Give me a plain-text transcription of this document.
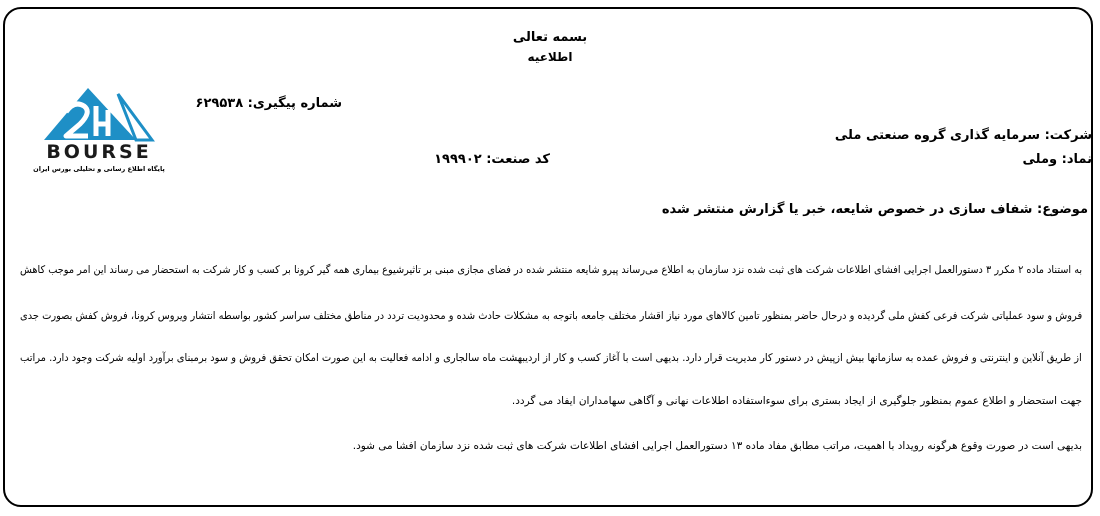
بسمه تعالی
اطلاعیه
BOURSE
پایگاه اطلاع رسانی و تحلیلی بورس ایران
شماره پیگیری: ۶۲۹۵۳۸
شرکت: سرمایه گذاری گروه صنعتی ملی
نماد: وملی
کد صنعت: ۱۹۹۹۰۲
موضوع: شفاف سازی در خصوص شایعه، خبر یا گزارش منتشر شده
به استناد ماده ۲ مکرر ۳ دستورالعمل اجرایی افشای اطلاعات شرکت های ثبت شده نزد سازمان به اطلاع می‌رساند پیرو شایعه منتشر شده در فضای مجازی مبنی بر تاثیرشیوع بیماری همه گیر کرونا بر کسب و کار شرکت به استحضار می رساند این امر موجب کاهش
فروش و سود عملیاتی شرکت فرعی کفش ملی گردیده و درحال حاضر بمنظور تامین کالاهای مورد نیاز اقشار مختلف جامعه باتوجه به مشکلات حادث شده و محدودیت تردد در مناطق مختلف سراسر کشور بواسطه انتشار ویروس کرونا، فروش کفش بصورت جدی
از طریق آنلاین و اینترنتی و فروش عمده به سازمانها بیش ازپیش در دستور کار مدیریت قرار دارد. بدیهی است با آغاز کسب و کار از اردیبهشت ماه سالجاری و ادامه فعالیت به این صورت امکان تحقق فروش و سود برمبنای برآورد اولیه شرکت وجود دارد. مراتب
جهت استحضار و اطلاع عموم بمنظور جلوگیری از ایجاد بستری برای سوءاستفاده اطلاعات نهانی و آگاهی سهامداران ایفاد می گردد.
بدیهی است در صورت وقوع هرگونه رویداد با اهمیت، مراتب مطابق مفاد ماده ۱۳ دستورالعمل اجرایی افشای اطلاعات شرکت های ثبت شده نزد سازمان افشا می شود.
